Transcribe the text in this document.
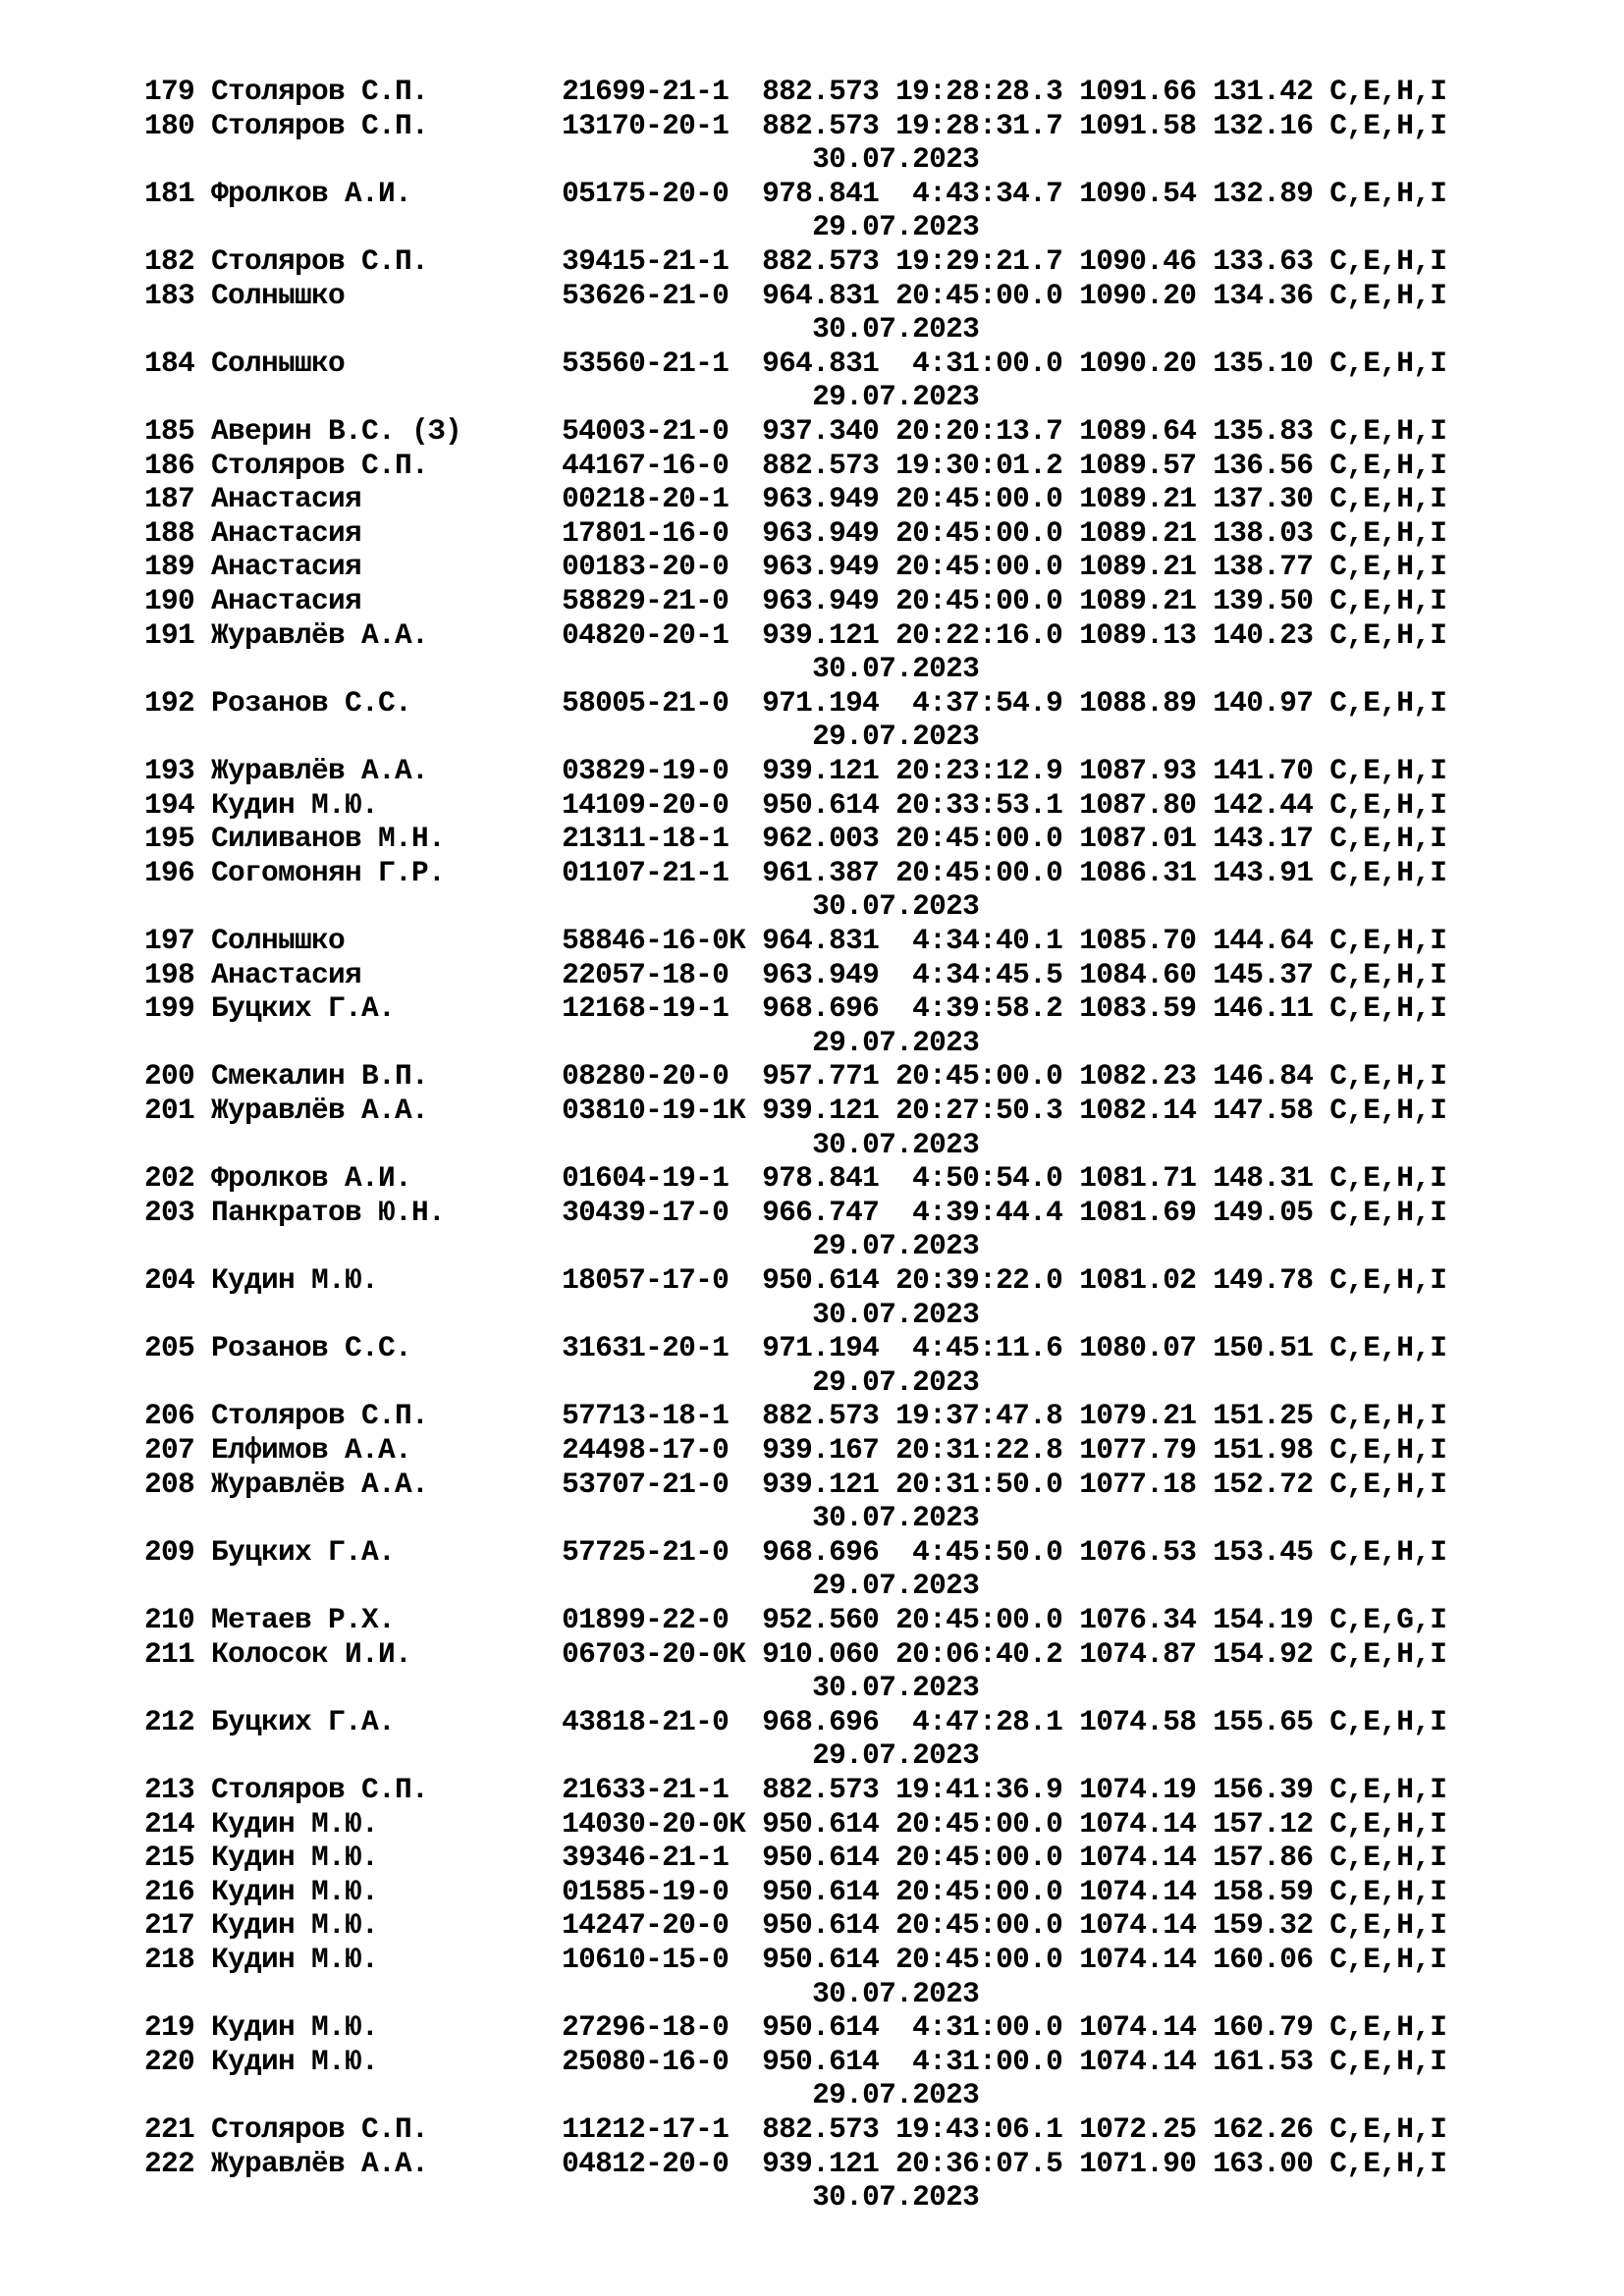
179 Столяров С.П.        21699-21-1  882.573 19:28:28.3 1091.66 131.42 C,E,H,I
180 Столяров С.П.        13170-20-1  882.573 19:28:31.7 1091.58 132.16 C,E,H,I
30.07.2023
181 Фролков А.И.         05175-20-0  978.841  4:43:34.7 1090.54 132.89 C,E,H,I
29.07.2023
182 Столяров С.П.        39415-21-1  882.573 19:29:21.7 1090.46 133.63 C,E,H,I
183 Солнышко             53626-21-0  964.831 20:45:00.0 1090.20 134.36 C,E,H,I
30.07.2023
184 Солнышко             53560-21-1  964.831  4:31:00.0 1090.20 135.10 C,E,H,I
29.07.2023
185 Аверин В.С. (З)      54003-21-0  937.340 20:20:13.7 1089.64 135.83 C,E,H,I
186 Столяров С.П.        44167-16-0  882.573 19:30:01.2 1089.57 136.56 C,E,H,I
187 Анастасия            00218-20-1  963.949 20:45:00.0 1089.21 137.30 C,E,H,I
188 Анастасия            17801-16-0  963.949 20:45:00.0 1089.21 138.03 C,E,H,I
189 Анастасия            00183-20-0  963.949 20:45:00.0 1089.21 138.77 C,E,H,I
190 Анастасия            58829-21-0  963.949 20:45:00.0 1089.21 139.50 C,E,H,I
191 Журавлёв А.А.        04820-20-1  939.121 20:22:16.0 1089.13 140.23 C,E,H,I
30.07.2023
192 Розанов С.С.         58005-21-0  971.194  4:37:54.9 1088.89 140.97 C,E,H,I
29.07.2023
193 Журавлёв А.А.        03829-19-0  939.121 20:23:12.9 1087.93 141.70 C,E,H,I
194 Кудин М.Ю.           14109-20-0  950.614 20:33:53.1 1087.80 142.44 C,E,H,I
195 Силиванов М.Н.       21311-18-1  962.003 20:45:00.0 1087.01 143.17 C,E,H,I
196 Согомонян Г.Р.       01107-21-1  961.387 20:45:00.0 1086.31 143.91 C,E,H,I
30.07.2023
197 Солнышко             58846-16-0К 964.831  4:34:40.1 1085.70 144.64 C,E,H,I
198 Анастасия            22057-18-0  963.949  4:34:45.5 1084.60 145.37 C,E,H,I
199 Буцких Г.А.          12168-19-1  968.696  4:39:58.2 1083.59 146.11 C,E,H,I
29.07.2023
200 Смекалин В.П.        08280-20-0  957.771 20:45:00.0 1082.23 146.84 C,E,H,I
201 Журавлёв А.А.        03810-19-1К 939.121 20:27:50.3 1082.14 147.58 C,E,H,I
30.07.2023
202 Фролков А.И.         01604-19-1  978.841  4:50:54.0 1081.71 148.31 C,E,H,I
203 Панкратов Ю.Н.       30439-17-0  966.747  4:39:44.4 1081.69 149.05 C,E,H,I
29.07.2023
204 Кудин М.Ю.           18057-17-0  950.614 20:39:22.0 1081.02 149.78 C,E,H,I
30.07.2023
205 Розанов С.С.         31631-20-1  971.194  4:45:11.6 1080.07 150.51 C,E,H,I
29.07.2023
206 Столяров С.П.        57713-18-1  882.573 19:37:47.8 1079.21 151.25 C,E,H,I
207 Елфимов А.А.         24498-17-0  939.167 20:31:22.8 1077.79 151.98 C,E,H,I
208 Журавлёв А.А.        53707-21-0  939.121 20:31:50.0 1077.18 152.72 C,E,H,I
30.07.2023
209 Буцких Г.А.          57725-21-0  968.696  4:45:50.0 1076.53 153.45 C,E,H,I
29.07.2023
210 Метаев Р.Х.          01899-22-0  952.560 20:45:00.0 1076.34 154.19 C,E,G,I
211 Колосок И.И.         06703-20-0К 910.060 20:06:40.2 1074.87 154.92 C,E,H,I
30.07.2023
212 Буцких Г.А.          43818-21-0  968.696  4:47:28.1 1074.58 155.65 C,E,H,I
29.07.2023
213 Столяров С.П.        21633-21-1  882.573 19:41:36.9 1074.19 156.39 C,E,H,I
214 Кудин М.Ю.           14030-20-0К 950.614 20:45:00.0 1074.14 157.12 C,E,H,I
215 Кудин М.Ю.           39346-21-1  950.614 20:45:00.0 1074.14 157.86 C,E,H,I
216 Кудин М.Ю.           01585-19-0  950.614 20:45:00.0 1074.14 158.59 C,E,H,I
217 Кудин М.Ю.           14247-20-0  950.614 20:45:00.0 1074.14 159.32 C,E,H,I
218 Кудин М.Ю.           10610-15-0  950.614 20:45:00.0 1074.14 160.06 C,E,H,I
30.07.2023
219 Кудин М.Ю.           27296-18-0  950.614  4:31:00.0 1074.14 160.79 C,E,H,I
220 Кудин М.Ю.           25080-16-0  950.614  4:31:00.0 1074.14 161.53 C,E,H,I
29.07.2023
221 Столяров С.П.        11212-17-1  882.573 19:43:06.1 1072.25 162.26 C,E,H,I
222 Журавлёв А.А.        04812-20-0  939.121 20:36:07.5 1071.90 163.00 C,E,H,I
30.07.2023
